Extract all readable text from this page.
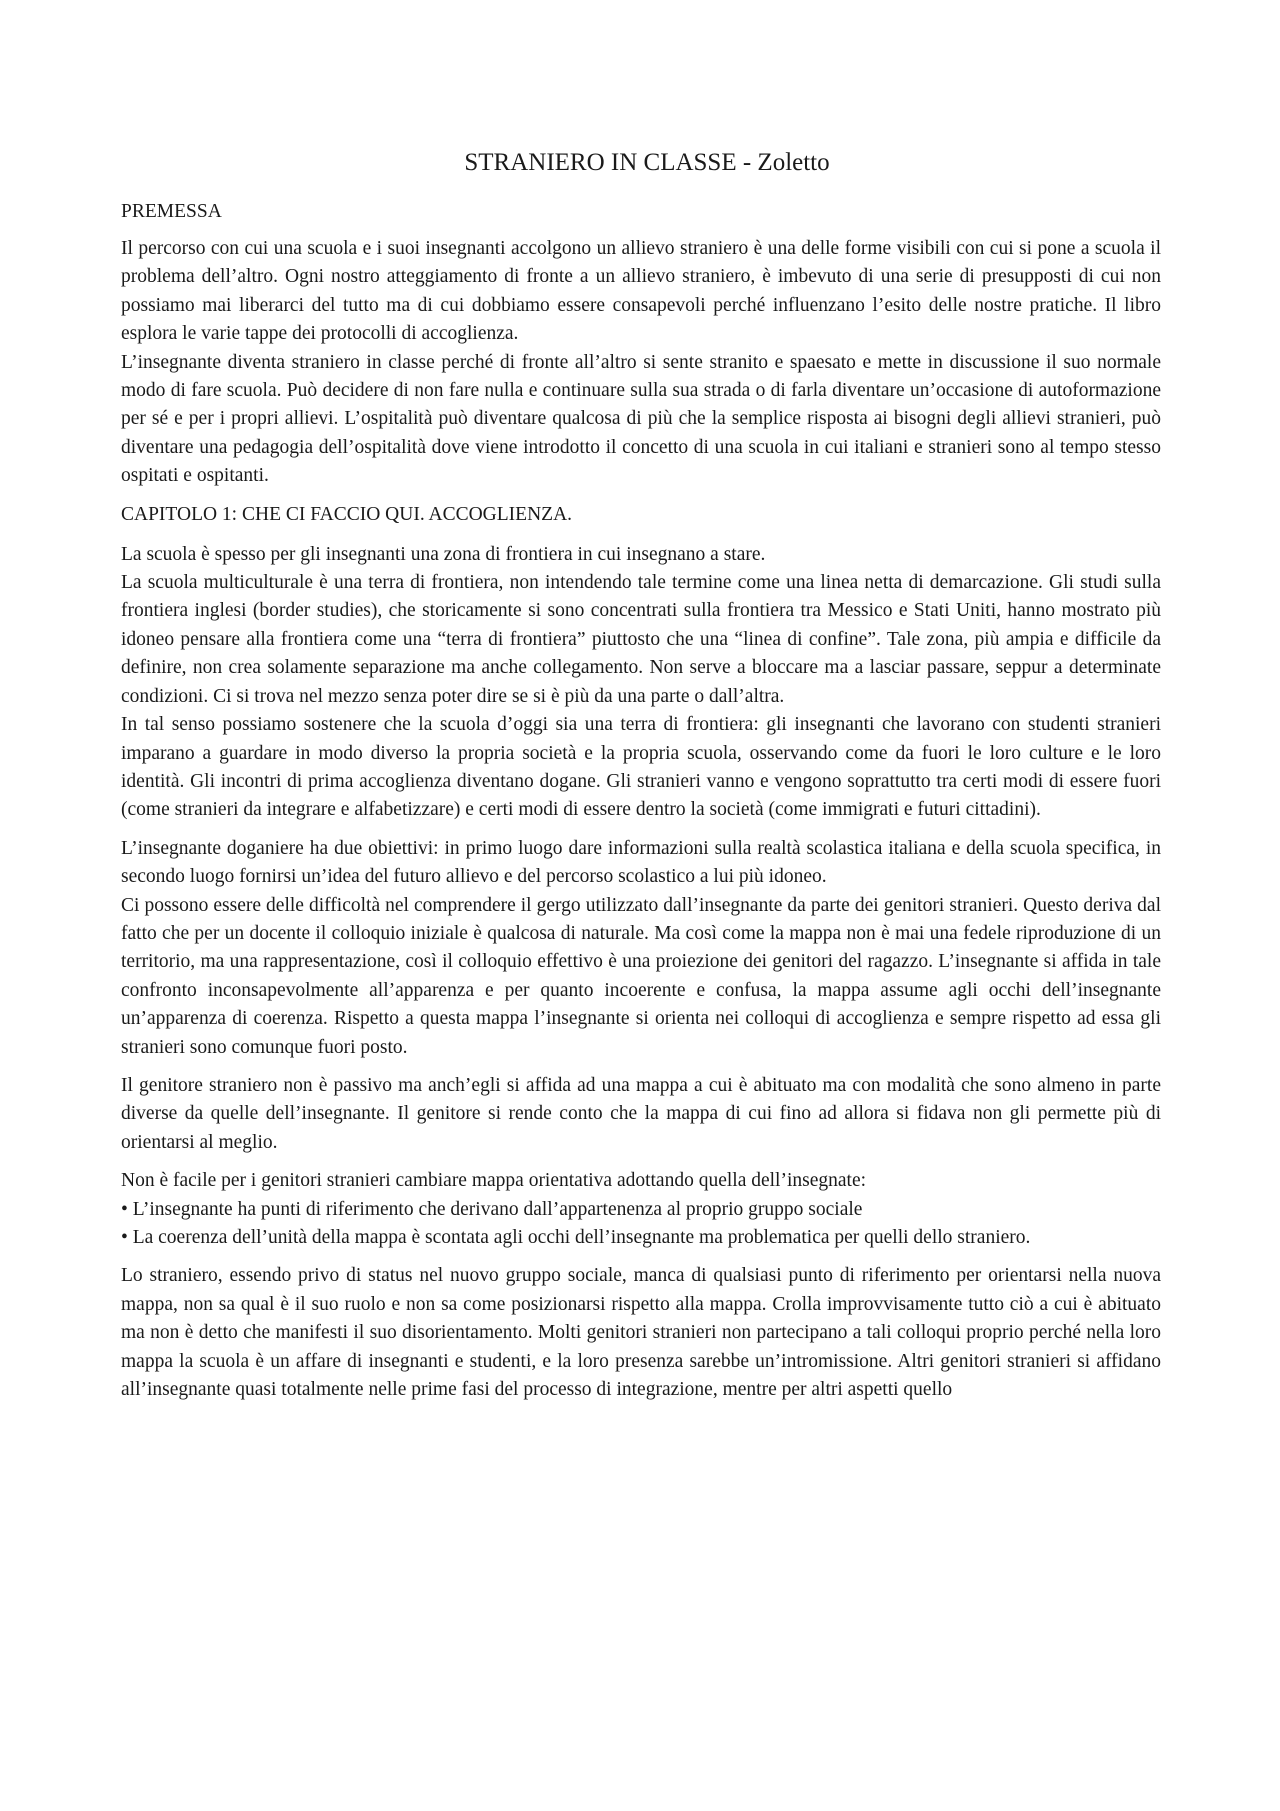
STRANIERO IN CLASSE - Zoletto
PREMESSA

Il percorso con cui una scuola e i suoi insegnanti accolgono un allievo straniero è una delle forme visibili con cui si pone a scuola il problema dell’altro. Ogni nostro atteggiamento di fronte a un allievo straniero, è imbevuto di una serie di presupposti di cui non possiamo mai liberarci del tutto ma di cui dobbiamo essere consapevoli perché influenzano l’esito delle nostre pratiche. Il libro esplora le varie tappe dei protocolli di accoglienza.

L’insegnante diventa straniero in classe perché di fronte all’altro si sente stranito e spaesato e mette in discussione il suo normale modo di fare scuola. Può decidere di non fare nulla e continuare sulla sua strada o di farla diventare un’occasione di autoformazione per sé e per i propri allievi. L’ospitalità può diventare qualcosa di più che la semplice risposta ai bisogni degli allievi stranieri, può diventare una pedagogia dell’ospitalità dove viene introdotto il concetto di una scuola in cui italiani e stranieri sono al tempo stesso ospitati e ospitanti.

CAPITOLO 1: CHE CI FACCIO QUI. ACCOGLIENZA.

La scuola è spesso per gli insegnanti una zona di frontiera in cui insegnano a stare.

La scuola multiculturale è una terra di frontiera, non intendendo tale termine come una linea netta di demarcazione. Gli studi sulla frontiera inglesi (border studies), che storicamente si sono concentrati sulla frontiera tra Messico e Stati Uniti, hanno mostrato più idoneo pensare alla frontiera come una “terra di frontiera” piuttosto che una “linea di confine”. Tale zona, più ampia e difficile da definire, non crea solamente separazione ma anche collegamento. Non serve a bloccare ma a lasciar passare, seppur a determinate condizioni. Ci si trova nel mezzo senza poter dire se si è più da una parte o dall’altra.

In tal senso possiamo sostenere che la scuola d’oggi sia una terra di frontiera: gli insegnanti che lavorano con studenti stranieri imparano a guardare in modo diverso la propria società e la propria scuola, osservando come da fuori le loro culture e le loro identità. Gli incontri di prima accoglienza diventano dogane. Gli stranieri vanno e vengono soprattutto tra certi modi di essere fuori (come stranieri da integrare e alfabetizzare) e certi modi di essere dentro la società (come immigrati e futuri cittadini).

L’insegnante doganiere ha due obiettivi: in primo luogo dare informazioni sulla realtà scolastica italiana e della scuola specifica, in secondo luogo fornirsi un’idea del futuro allievo e del percorso scolastico a lui più idoneo.

Ci possono essere delle difficoltà nel comprendere il gergo utilizzato dall’insegnante da parte dei genitori stranieri. Questo deriva dal fatto che per un docente il colloquio iniziale è qualcosa di naturale. Ma così come la mappa non è mai una fedele riproduzione di un territorio, ma una rappresentazione, così il colloquio effettivo è una proiezione dei genitori del ragazzo. L’insegnante si affida in tale confronto inconsapevolmente all’apparenza e per quanto incoerente e confusa, la mappa assume agli occhi dell’insegnante un’apparenza di coerenza. Rispetto a questa mappa l’insegnante si orienta nei colloqui di accoglienza e sempre rispetto ad essa gli stranieri sono comunque fuori posto.

Il genitore straniero non è passivo ma anch’egli si affida ad una mappa a cui è abituato ma con modalità che sono almeno in parte diverse da quelle dell’insegnante. Il genitore si rende conto che la mappa di cui fino ad allora si fidava non gli permette più di orientarsi al meglio.

Non è facile per i genitori stranieri cambiare mappa orientativa adottando quella dell’insegnate:

• L’insegnante ha punti di riferimento che derivano dall’appartenenza al proprio gruppo sociale

• La coerenza dell’unità della mappa è scontata agli occhi dell’insegnante ma problematica per quelli dello straniero.

Lo straniero, essendo privo di status nel nuovo gruppo sociale, manca di qualsiasi punto di riferimento per orientarsi nella nuova mappa, non sa qual è il suo ruolo e non sa come posizionarsi rispetto alla mappa. Crolla improvvisamente tutto ciò a cui è abituato ma non è detto che manifesti il suo disorientamento. Molti genitori stranieri non partecipano a tali colloqui proprio perché nella loro mappa la scuola è un affare di insegnanti e studenti, e la loro presenza sarebbe un’intromissione. Altri genitori stranieri si affidano all’insegnante quasi totalmente nelle prime fasi del processo di integrazione, mentre per altri aspetti quello
